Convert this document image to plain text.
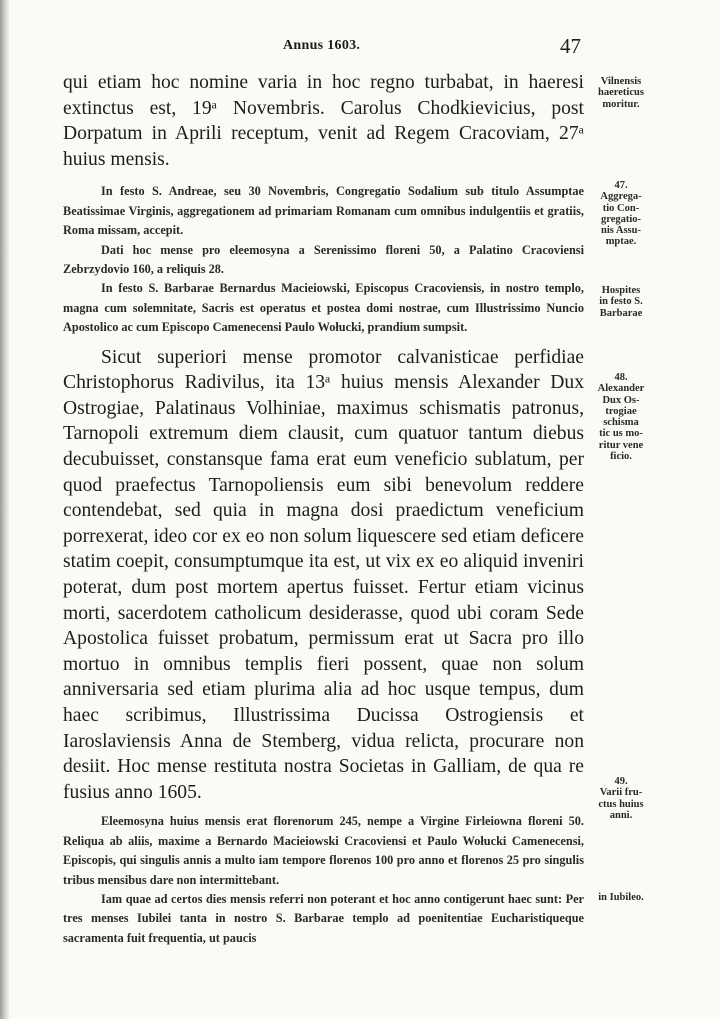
Annus 1603.	47

qui etiam hoc nomine varia in hoc regno turbabat, in haeresi extinctus est, 19ᵃ Novembris. Carolus Chodkievicius, post Dorpatum in Aprili receptum, venit ad Regem Cracoviam, 27ᵃ huius mensis.

In festo S. Andreae, seu 30 Novembris, Congregatio Sodalium sub titulo Assumptae Beatissimae Virginis, aggregationem ad primariam Romanam cum omnibus indulgentiis et gratiis, Roma missam, accepit.

Dati hoc mense pro eleemosyna a Serenissimo floreni 50, a Palatino Cracoviensi Zebrzydovio 160, a reliquis 28.

In festo S. Barbarae Bernardus Macieiowski, Episcopus Cracoviensis, in nostro templo, magna cum solemnitate, Sacris est operatus et postea domi nostrae, cum Illustrissimo Nuncio Apostolico ac cum Episcopo Camenecensi Paulo Wołucki, prandium sumpsit.

Sicut superiori mense promotor calvanisticae perfidiae Christophorus Radivilus, ita 13ᵃ huius mensis Alexander Dux Ostrogiae, Palatinaus Volhiniae, maximus schismatis patronus, Tarnopoli extremum diem clausit, cum quatuor tantum diebus decubuisset, constansque fama erat eum veneficio sublatum, per quod praefectus Tarnopoliensis eum sibi benevolum reddere contendebat, sed quia in magna dosi praedictum veneficium porrexerat, ideo cor ex eo non solum liquescere sed etiam deficere statim coepit, consumptumque ita est, ut vix ex eo aliquid inveniri poterat, dum post mortem apertus fuisset. Fertur etiam vicinus morti, sacerdotem catholicum desiderasse, quod ubi coram Sede Apostolica fuisset probatum, permissum erat ut Sacra pro illo mortuo in omnibus templis fieri possent, quae non solum anniversaria sed etiam plurima alia ad hoc usque tempus, dum haec scribimus, Illustrissima Ducissa Ostrogiensis et Iaroslaviensis Anna de Stemberg, vidua relicta, procurare non desiit. Hoc mense restituta nostra Societas in Galliam, de qua re fusius anno 1605.

Eleemosyna huius mensis erat florenorum 245, nempe a Virgine Firleiowna floreni 50. Reliqua ab aliis, maxime a Bernardo Macieiowski Cracoviensi et Paulo Wołucki Camenecensi, Episcopis, qui singulis annis a multo iam tempore florenos 100 pro anno et florenos 25 pro singulis tribus mensibus dare non intermittebant.

Iam quae ad certos dies mensis referri non poterant et hoc anno contigerunt haec sunt: Per tres menses Iubilei tanta in nostro S. Barbarae templo ad poenitentiae Eucharistiqueque sacramenta fuit frequentia, ut paucis

Vilnensis
haereticus
moritur.
47.
Aggrega-
tio Con-
gregatio-
nis Assu-
mptae.
Hospites
in festo S.
Barbarae
48.
Alexander
Dux Os-
trogiae
schisma
tic us mo-
ritur vene
ficio.
49.
Varii fru-
ctus huius
anni.
in Iubileo.
